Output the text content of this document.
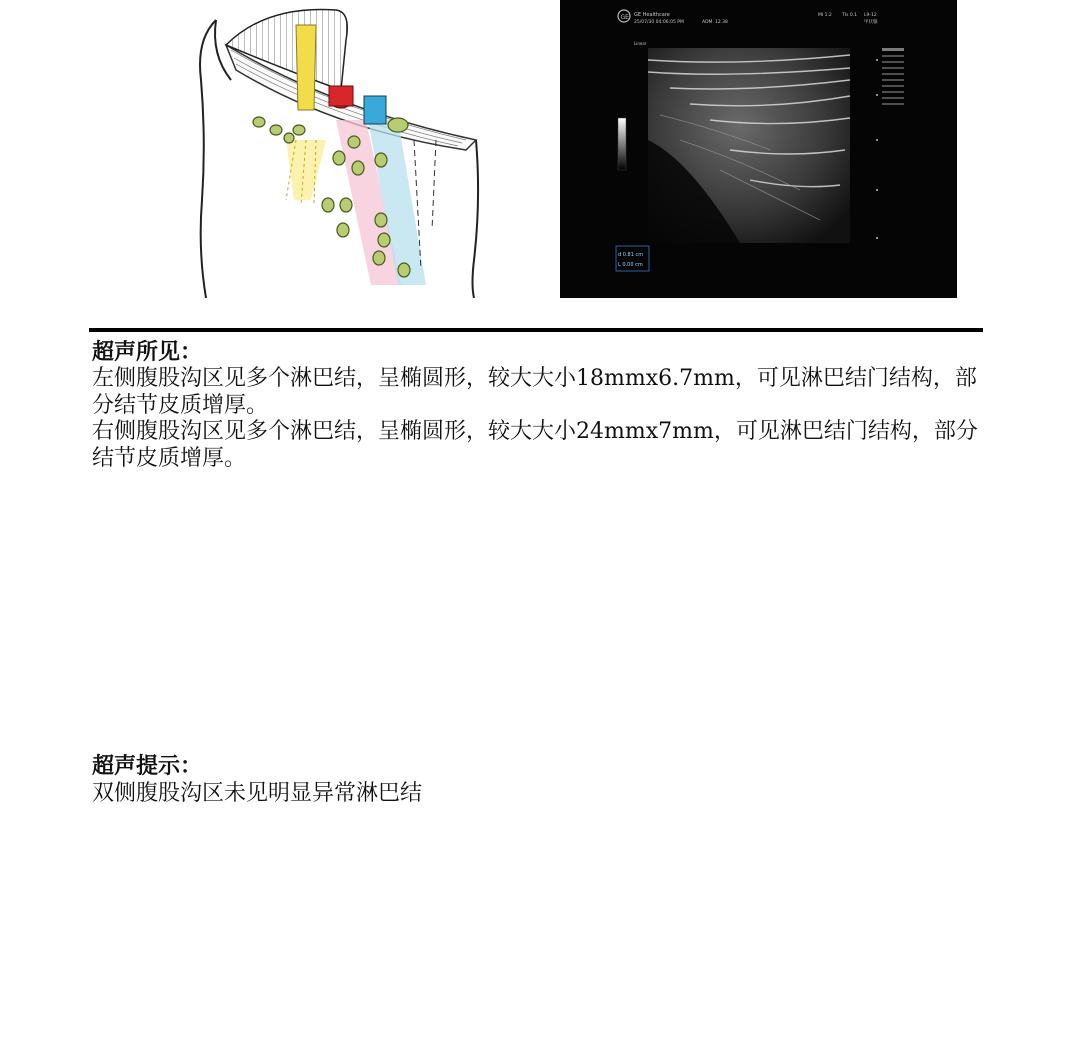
GE GE Healthcare
25/07/30 04:06:05 PM	ADM 12.38
MI 1.2 TIs 0.1 L9-12
甲状腺
Linear
d 0.81 cm
L 0.00 cm
超声所见：

左侧腹股沟区见多个淋巴结，呈椭圆形，较大大小18mmx6.7mm，可见淋巴结门结构，部分结节皮质增厚。

右侧腹股沟区见多个淋巴结，呈椭圆形，较大大小24mmx7mm，可见淋巴结门结构，部分结节皮质增厚。

超声提示：

双侧腹股沟区未见明显异常淋巴结
